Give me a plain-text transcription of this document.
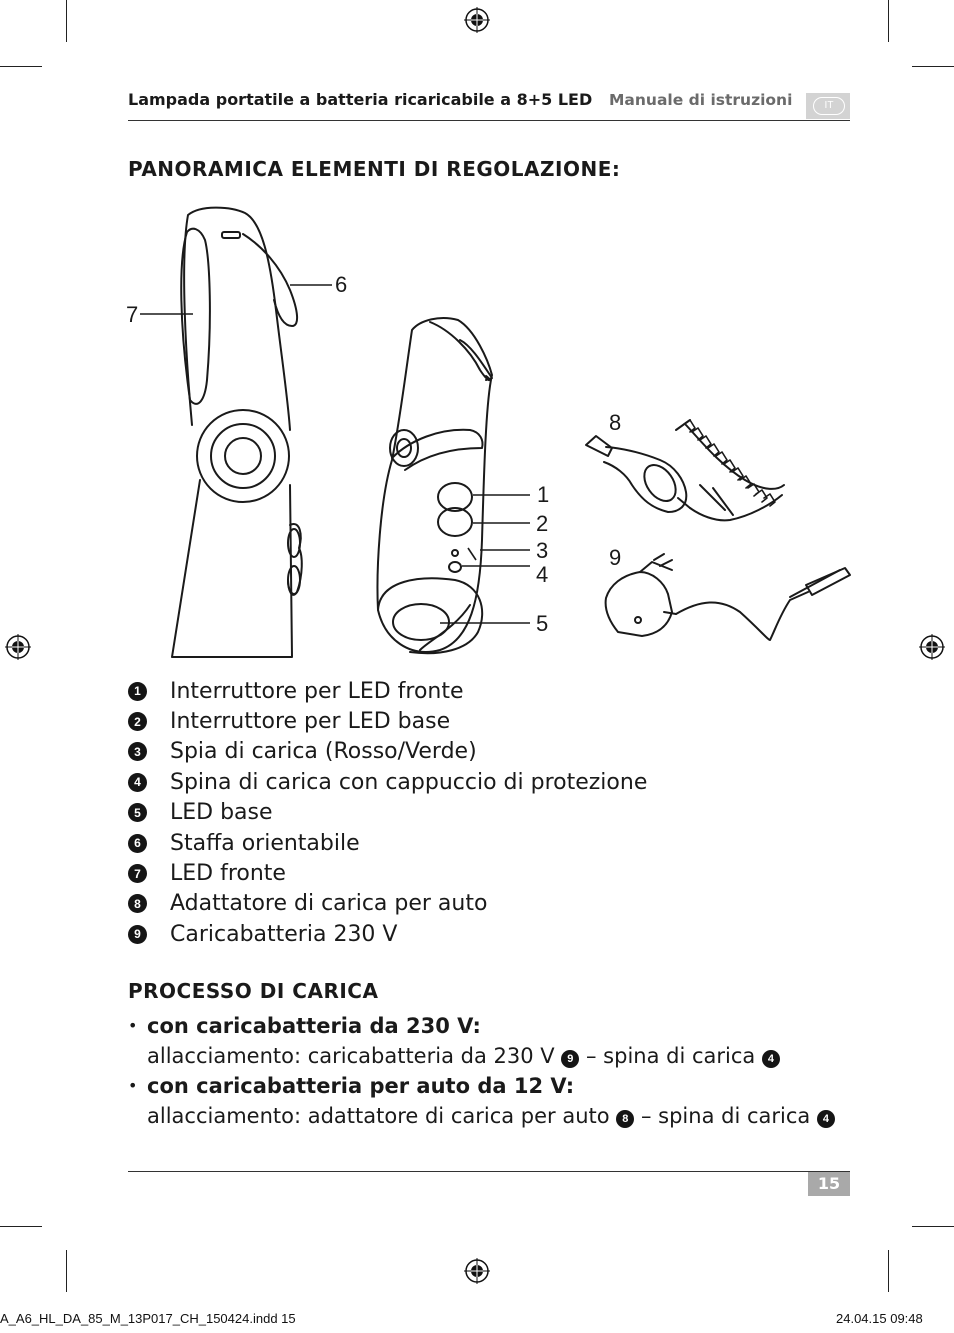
Lampada portatile a batteria ricaricabile a 8+5 LED Manuale di istruzioni	IT
PANORAMICA ELEMENTI DI REGOLAZIONE:
7
6
8
1
2
3	9
4
5
1 Interruttore per LED fronte
2 Interruttore per LED base
3 Spia di carica (Rosso/Verde)
4 Spina di carica con cappuccio di protezione
5 LED base
6 Staffa orientabile
7 LED fronte
8 Adattatore di carica per auto
9 Caricabatteria 230 V
PROCESSO DI CARICA
• con caricabatteria da 230 V:
allacciamento: caricabatteria da 230 V 9 – spina di carica 4
• con caricabatteria per auto da 12 V:
allacciamento: adattatore di carica per auto 8 – spina di carica 4
15
A_A6_HL_DA_85_M_13P017_CH_150424.indd 15	24.04.15 09:48
